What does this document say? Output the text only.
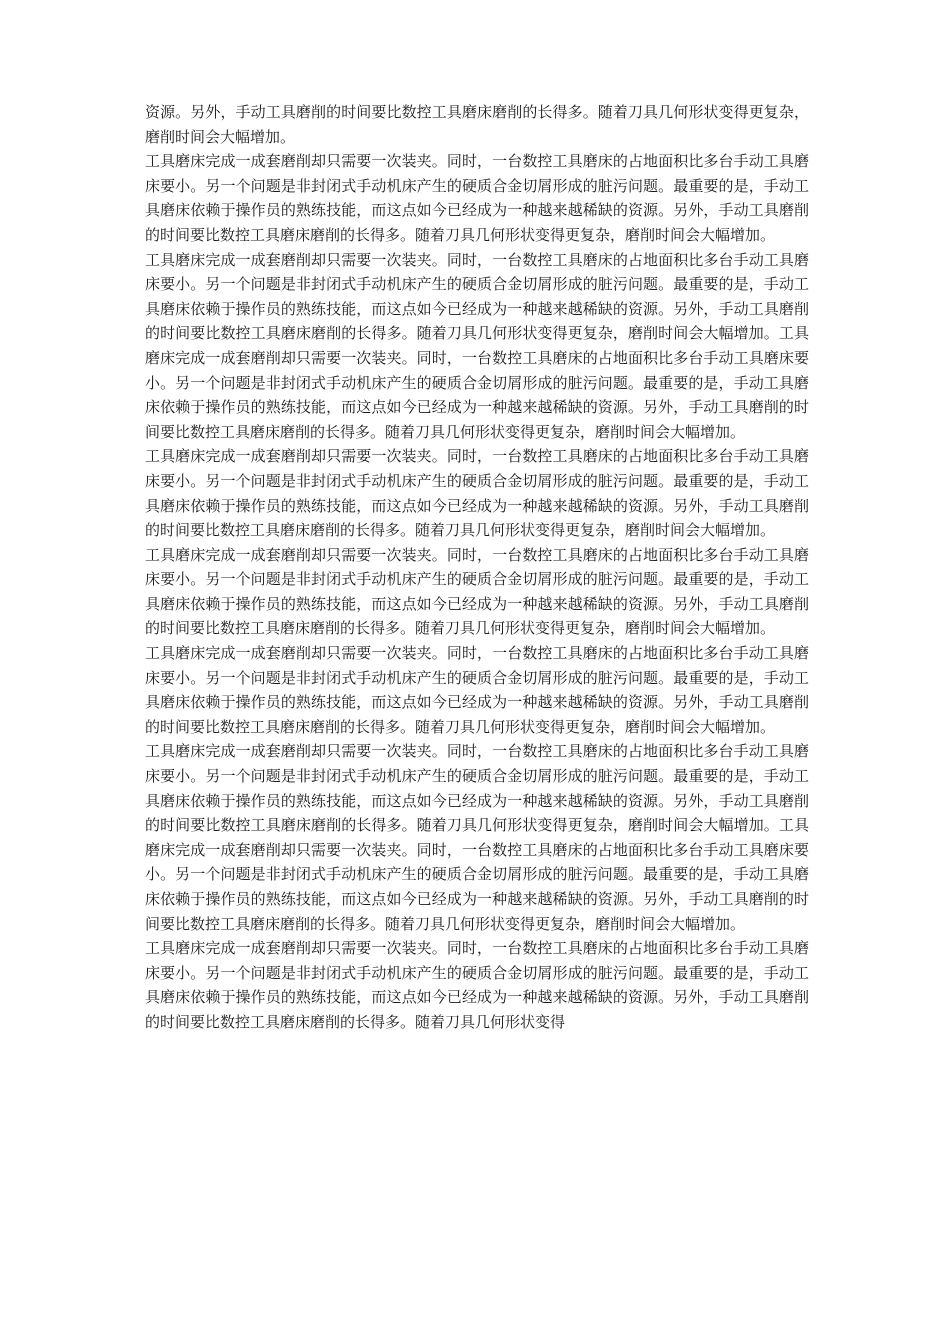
资源。另外，手动工具磨削的时间要比数控工具磨床磨削的长得多。随着刀具几何形状变得更复杂，磨削时间会大幅增加。

工具磨床完成一成套磨削却只需要一次装夹。同时，一台数控工具磨床的占地面积比多台手动工具磨床要小。另一个问题是非封闭式手动机床产生的硬质合金切屑形成的脏污问题。最重要的是，手动工具磨床依赖于操作员的熟练技能，而这点如今已经成为一种越来越稀缺的资源。另外，手动工具磨削的时间要比数控工具磨床磨削的长得多。随着刀具几何形状变得更复杂，磨削时间会大幅增加。

工具磨床完成一成套磨削却只需要一次装夹。同时，一台数控工具磨床的占地面积比多台手动工具磨床要小。另一个问题是非封闭式手动机床产生的硬质合金切屑形成的脏污问题。最重要的是，手动工具磨床依赖于操作员的熟练技能，而这点如今已经成为一种越来越稀缺的资源。另外，手动工具磨削的时间要比数控工具磨床磨削的长得多。随着刀具几何形状变得更复杂，磨削时间会大幅增加。工具磨床完成一成套磨削却只需要一次装夹。同时，一台数控工具磨床的占地面积比多台手动工具磨床要小。另一个问题是非封闭式手动机床产生的硬质合金切屑形成的脏污问题。最重要的是，手动工具磨床依赖于操作员的熟练技能，而这点如今已经成为一种越来越稀缺的资源。另外，手动工具磨削的时间要比数控工具磨床磨削的长得多。随着刀具几何形状变得更复杂，磨削时间会大幅增加。

工具磨床完成一成套磨削却只需要一次装夹。同时，一台数控工具磨床的占地面积比多台手动工具磨床要小。另一个问题是非封闭式手动机床产生的硬质合金切屑形成的脏污问题。最重要的是，手动工具磨床依赖于操作员的熟练技能，而这点如今已经成为一种越来越稀缺的资源。另外，手动工具磨削的时间要比数控工具磨床磨削的长得多。随着刀具几何形状变得更复杂，磨削时间会大幅增加。

工具磨床完成一成套磨削却只需要一次装夹。同时，一台数控工具磨床的占地面积比多台手动工具磨床要小。另一个问题是非封闭式手动机床产生的硬质合金切屑形成的脏污问题。最重要的是，手动工具磨床依赖于操作员的熟练技能，而这点如今已经成为一种越来越稀缺的资源。另外，手动工具磨削的时间要比数控工具磨床磨削的长得多。随着刀具几何形状变得更复杂，磨削时间会大幅增加。

工具磨床完成一成套磨削却只需要一次装夹。同时，一台数控工具磨床的占地面积比多台手动工具磨床要小。另一个问题是非封闭式手动机床产生的硬质合金切屑形成的脏污问题。最重要的是，手动工具磨床依赖于操作员的熟练技能，而这点如今已经成为一种越来越稀缺的资源。另外，手动工具磨削的时间要比数控工具磨床磨削的长得多。随着刀具几何形状变得更复杂，磨削时间会大幅增加。

工具磨床完成一成套磨削却只需要一次装夹。同时，一台数控工具磨床的占地面积比多台手动工具磨床要小。另一个问题是非封闭式手动机床产生的硬质合金切屑形成的脏污问题。最重要的是，手动工具磨床依赖于操作员的熟练技能，而这点如今已经成为一种越来越稀缺的资源。另外，手动工具磨削的时间要比数控工具磨床磨削的长得多。随着刀具几何形状变得更复杂，磨削时间会大幅增加。工具磨床完成一成套磨削却只需要一次装夹。同时，一台数控工具磨床的占地面积比多台手动工具磨床要小。另一个问题是非封闭式手动机床产生的硬质合金切屑形成的脏污问题。最重要的是，手动工具磨床依赖于操作员的熟练技能，而这点如今已经成为一种越来越稀缺的资源。另外，手动工具磨削的时间要比数控工具磨床磨削的长得多。随着刀具几何形状变得更复杂，磨削时间会大幅增加。

工具磨床完成一成套磨削却只需要一次装夹。同时，一台数控工具磨床的占地面积比多台手动工具磨床要小。另一个问题是非封闭式手动机床产生的硬质合金切屑形成的脏污问题。最重要的是，手动工具磨床依赖于操作员的熟练技能，而这点如今已经成为一种越来越稀缺的资源。另外，手动工具磨削的时间要比数控工具磨床磨削的长得多。随着刀具几何形状变得
